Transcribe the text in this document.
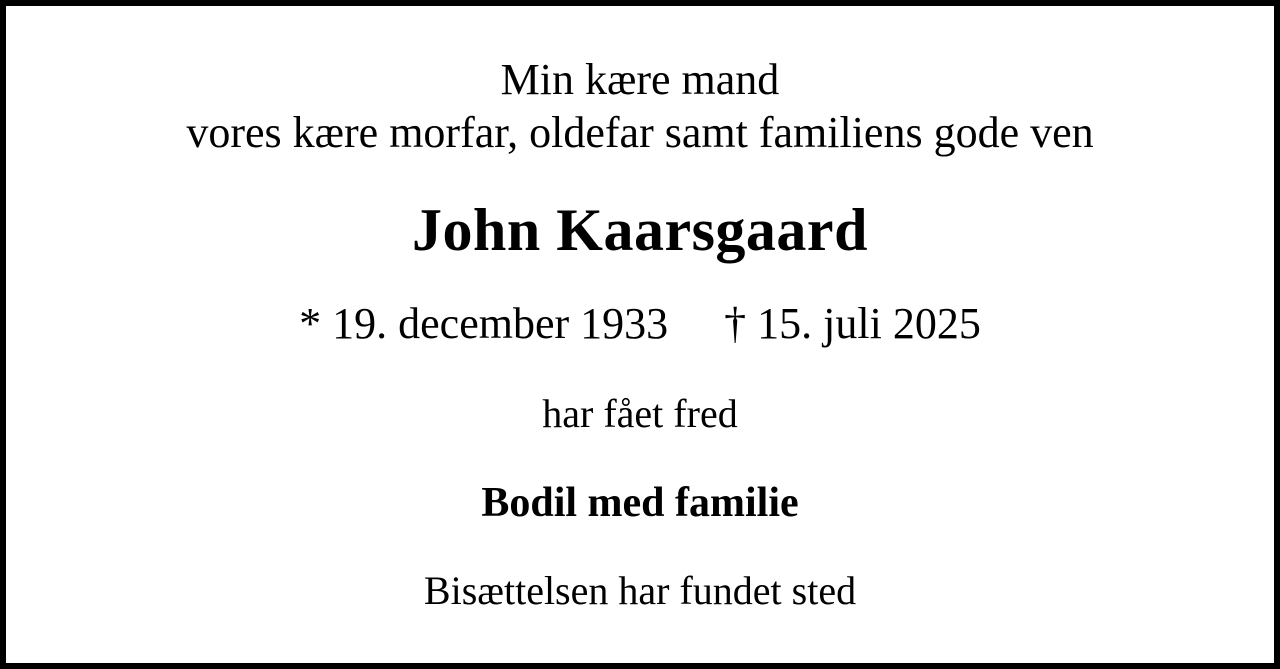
Min kære mand
vores kære morfar, oldefar samt familiens gode ven
John Kaarsgaard
* 19. december 1933 † 15. juli 2025
har fået fred
Bodil med familie
Bisættelsen har fundet sted
